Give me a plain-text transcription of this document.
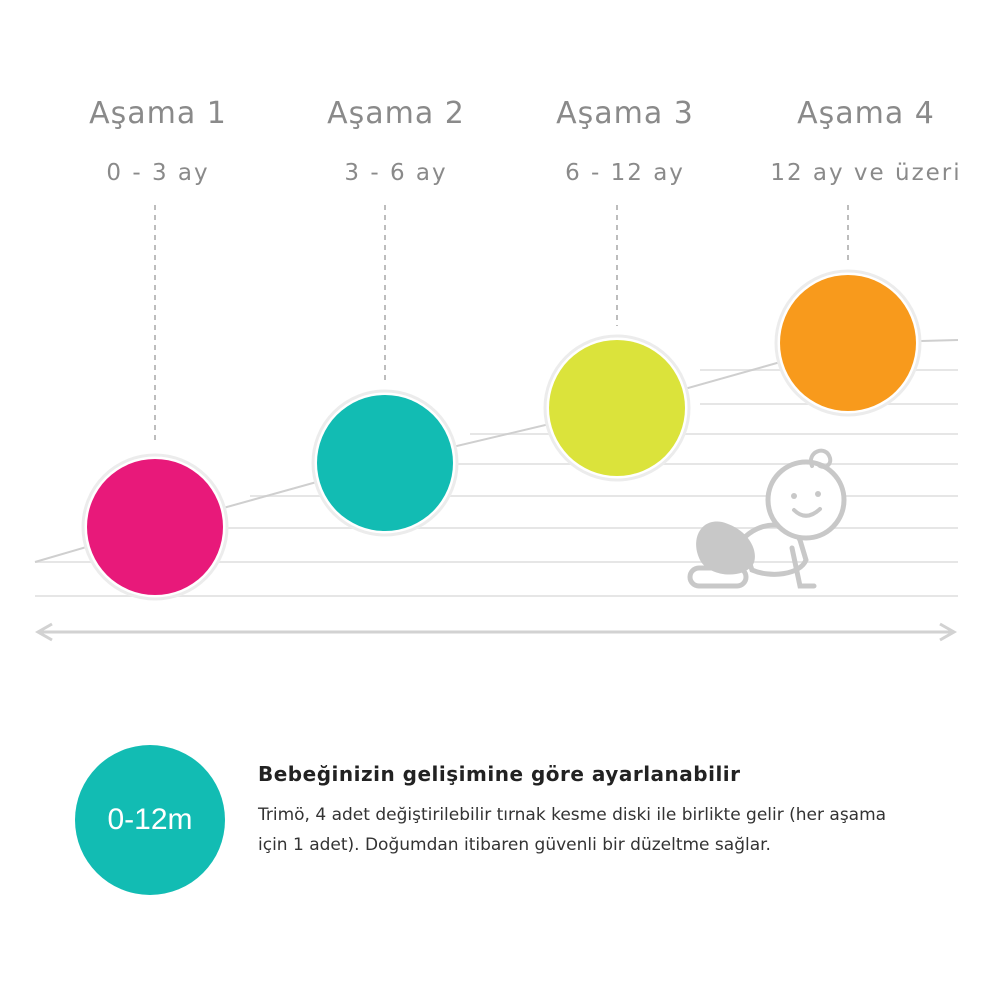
Aşama 1
0 - 3 ay
Aşama 2
3 - 6 ay
Aşama 3
6 - 12 ay
Aşama 4
12 ay ve üzeri
0-12m
Bebeğinizin gelişimine göre ayarlanabilir
Trimö, 4 adet değiştirilebilir tırnak kesme diski ile birlikte gelir (her aşama için 1 adet). Doğumdan itibaren güvenli bir düzeltme sağlar.
